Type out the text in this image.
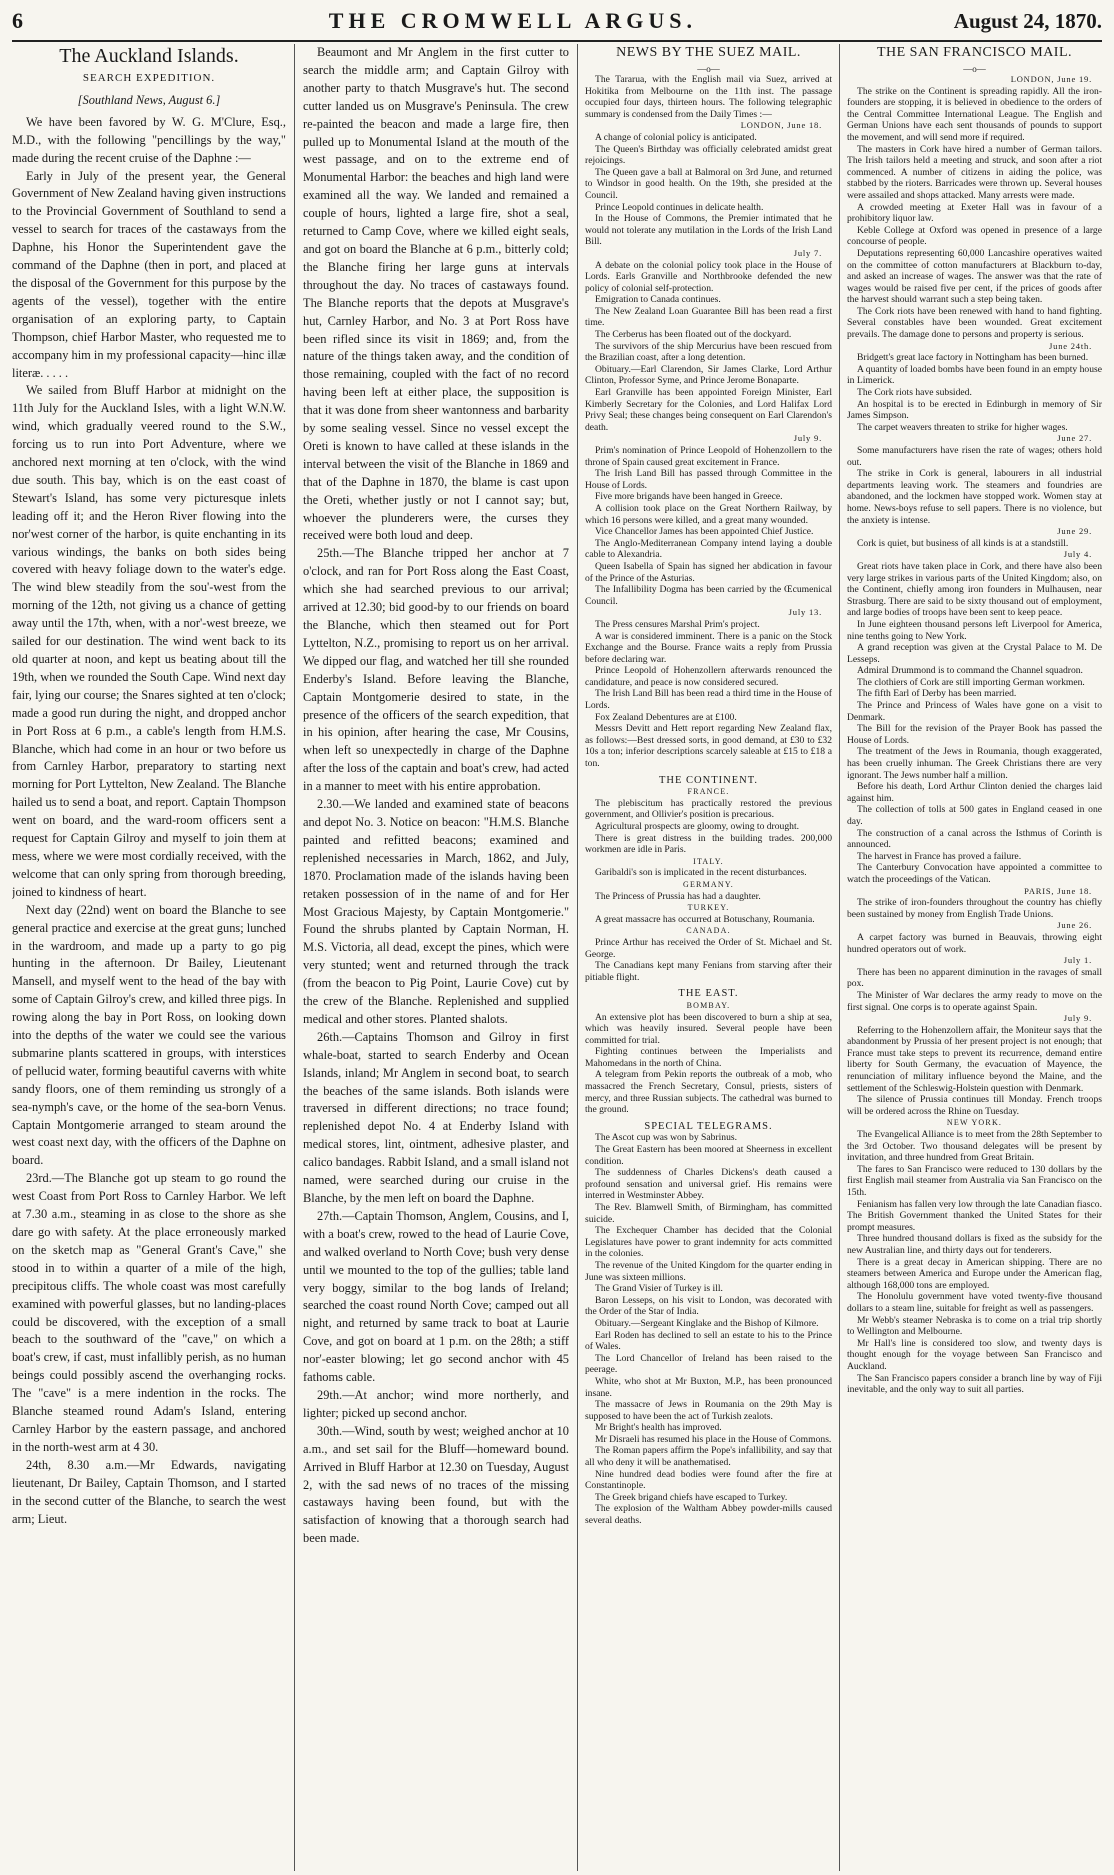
6	THE CROMWELL ARGUS.	August 24, 1870.
The Auckland Islands.
SEARCH EXPEDITION.
[Southland News, August 6.]

We have been favored by W. G. M'Clure, Esq., M.D., with the following "pencillings by the way," made during the recent cruise of the Daphne :—

Early in July of the present year, the General Government of New Zealand having given instructions to the Provincial Government of Southland to send a vessel to search for traces of the castaways from the Daphne, his Honor the Superintendent gave the command of the Daphne (then in port, and placed at the disposal of the Government for this purpose by the agents of the vessel), together with the entire organisation of an exploring party, to Captain Thompson, chief Harbor Master, who requested me to accompany him in my professional capacity—hinc illæ literæ. . . . .

We sailed from Bluff Harbor at midnight on the 11th July for the Auckland Isles, with a light W.N.W. wind, which gradually veered round to the S.W., forcing us to run into Port Adventure, where we anchored next morning at ten o'clock, with the wind due south. This bay, which is on the east coast of Stewart's Island, has some very picturesque inlets leading off it; and the Heron River flowing into the nor'west corner of the harbor, is quite enchanting in its various windings, the banks on both sides being covered with heavy foliage down to the water's edge. The wind blew steadily from the sou'-west from the morning of the 12th, not giving us a chance of getting away until the 17th, when, with a nor'-west breeze, we sailed for our destination. The wind went back to its old quarter at noon, and kept us beating about till the 19th, when we rounded the South Cape. Wind next day fair, lying our course; the Snares sighted at ten o'clock; made a good run during the night, and dropped anchor in Port Ross at 6 p.m., a cable's length from H.M.S. Blanche, which had come in an hour or two before us from Carnley Harbor, preparatory to starting next morning for Port Lyttelton, New Zealand. The Blanche hailed us to send a boat, and report. Captain Thompson went on board, and the ward-room officers sent a request for Captain Gilroy and myself to join them at mess, where we were most cordially received, with the welcome that can only spring from thorough breeding, joined to kindness of heart.

Next day (22nd) went on board the Blanche to see general practice and exercise at the great guns; lunched in the wardroom, and made up a party to go pig hunting in the afternoon. Dr Bailey, Lieutenant Mansell, and myself went to the head of the bay with some of Captain Gilroy's crew, and killed three pigs. In rowing along the bay in Port Ross, on looking down into the depths of the water we could see the various submarine plants scattered in groups, with interstices of pellucid water, forming beautiful caverns with white sandy floors, one of them reminding us strongly of a sea-nymph's cave, or the home of the sea-born Venus. Captain Montgomerie arranged to steam around the west coast next day, with the officers of the Daphne on board.

23rd.—The Blanche got up steam to go round the west Coast from Port Ross to Carnley Harbor. We left at 7.30 a.m., steaming in as close to the shore as she dare go with safety. At the place erroneously marked on the sketch map as "General Grant's Cave," she stood in to within a quarter of a mile of the high, precipitous cliffs. The whole coast was most carefully examined with powerful glasses, but no landing-places could be discovered, with the exception of a small beach to the southward of the "cave," on which a boat's crew, if cast, must infallibly perish, as no human beings could possibly ascend the overhanging rocks. The "cave" is a mere indention in the rocks. The Blanche steamed round Adam's Island, entering Carnley Harbor by the eastern passage, and anchored in the north-west arm at 4 30.

24th, 8.30 a.m.—Mr Edwards, navigating lieutenant, Dr Bailey, Captain Thomson, and I started in the second cutter of the Blanche, to search the west arm; Lieut.

Beaumont and Mr Anglem in the first cutter to search the middle arm; and Captain Gilroy with another party to thatch Musgrave's hut. The second cutter landed us on Musgrave's Peninsula. The crew re-painted the beacon and made a large fire, then pulled up to Monumental Island at the mouth of the west passage, and on to the extreme end of Monumental Harbor: the beaches and high land were examined all the way. We landed and remained a couple of hours, lighted a large fire, shot a seal, returned to Camp Cove, where we killed eight seals, and got on board the Blanche at 6 p.m., bitterly cold; the Blanche firing her large guns at intervals throughout the day. No traces of castaways found. The Blanche reports that the depots at Musgrave's hut, Carnley Harbor, and No. 3 at Port Ross have been rifled since its visit in 1869; and, from the nature of the things taken away, and the condition of those remaining, coupled with the fact of no record having been left at either place, the supposition is that it was done from sheer wantonness and barbarity by some sealing vessel. Since no vessel except the Oreti is known to have called at these islands in the interval between the visit of the Blanche in 1869 and that of the Daphne in 1870, the blame is cast upon the Oreti, whether justly or not I cannot say; but, whoever the plunderers were, the curses they received were both loud and deep.

25th.—The Blanche tripped her anchor at 7 o'clock, and ran for Port Ross along the East Coast, which she had searched previous to our arrival; arrived at 12.30; bid good-by to our friends on board the Blanche, which then steamed out for Port Lyttelton, N.Z., promising to report us on her arrival. We dipped our flag, and watched her till she rounded Enderby's Island. Before leaving the Blanche, Captain Montgomerie desired to state, in the presence of the officers of the search expedition, that in his opinion, after hearing the case, Mr Cousins, when left so unexpectedly in charge of the Daphne after the loss of the captain and boat's crew, had acted in a manner to meet with his entire approbation.

2.30.—We landed and examined state of beacons and depot No. 3. Notice on beacon: "H.M.S. Blanche painted and refitted beacons; examined and replenished necessaries in March, 1862, and July, 1870. Proclamation made of the islands having been retaken possession of in the name of and for Her Most Gracious Majesty, by Captain Montgomerie." Found the shrubs planted by Captain Norman, H. M.S. Victoria, all dead, except the pines, which were very stunted; went and returned through the track (from the beacon to Pig Point, Laurie Cove) cut by the crew of the Blanche. Replenished and supplied medical and other stores. Planted shalots.

26th.—Captains Thomson and Gilroy in first whale-boat, started to search Enderby and Ocean Islands, inland; Mr Anglem in second boat, to search the beaches of the same islands. Both islands were traversed in different directions; no trace found; replenished depot No. 4 at Enderby Island with medical stores, lint, ointment, adhesive plaster, and calico bandages. Rabbit Island, and a small island not named, were searched during our cruise in the Blanche, by the men left on board the Daphne.

27th.—Captain Thomson, Anglem, Cousins, and I, with a boat's crew, rowed to the head of Laurie Cove, and walked overland to North Cove; bush very dense until we mounted to the top of the gullies; table land very boggy, similar to the bog lands of Ireland; searched the coast round North Cove; camped out all night, and returned by same track to boat at Laurie Cove, and got on board at 1 p.m. on the 28th; a stiff nor'-easter blowing; let go second anchor with 45 fathoms cable.

29th.—At anchor; wind more northerly, and lighter; picked up second anchor.

30th.—Wind, south by west; weighed anchor at 10 a.m., and set sail for the Bluff—homeward bound. Arrived in Bluff Harbor at 12.30 on Tuesday, August 2, with the sad news of no traces of the missing castaways having been found, but with the satisfaction of knowing that a thorough search had been made.

NEWS BY THE SUEZ MAIL.
—o—

The Tararua, with the English mail via Suez, arrived at Hokitika from Melbourne on the 11th inst. The passage occupied four days, thirteen hours. The following telegraphic summary is condensed from the Daily Times :—

LONDON, June 18.

A change of colonial policy is anticipated.

The Queen's Birthday was officially celebrated amidst great rejoicings.

The Queen gave a ball at Balmoral on 3rd June, and returned to Windsor in good health. On the 19th, she presided at the Council.

Prince Leopold continues in delicate health.

In the House of Commons, the Premier intimated that he would not tolerate any mutilation in the Lords of the Irish Land Bill.

July 7.

A debate on the colonial policy took place in the House of Lords. Earls Granville and Northbrooke defended the new policy of colonial self-protection.

Emigration to Canada continues.

The New Zealand Loan Guarantee Bill has been read a first time.

The Cerberus has been floated out of the dockyard.

The survivors of the ship Mercurius have been rescued from the Brazilian coast, after a long detention.

Obituary.—Earl Clarendon, Sir James Clarke, Lord Arthur Clinton, Professor Syme, and Prince Jerome Bonaparte.

Earl Granville has been appointed Foreign Minister, Earl Kimberly Secretary for the Colonies, and Lord Halifax Lord Privy Seal; these changes being consequent on Earl Clarendon's death.

July 9.

Prim's nomination of Prince Leopold of Hohenzollern to the throne of Spain caused great excitement in France.

The Irish Land Bill has passed through Committee in the House of Lords.

Five more brigands have been hanged in Greece.

A collision took place on the Great Northern Railway, by which 16 persons were killed, and a great many wounded.

Vice Chancellor James has been appointed Chief Justice.

The Anglo-Mediterranean Company intend laying a double cable to Alexandria.

Queen Isabella of Spain has signed her abdication in favour of the Prince of the Asturias.

The Infallibility Dogma has been carried by the Œcumenical Council.

July 13.

The Press censures Marshal Prim's project.

A war is considered imminent. There is a panic on the Stock Exchange and the Bourse. France waits a reply from Prussia before declaring war.

Prince Leopold of Hohenzollern afterwards renounced the candidature, and peace is now considered secured.

The Irish Land Bill has been read a third time in the House of Lords.

Fox Zealand Debentures are at £100.

Messrs Devitt and Hett report regarding New Zealand flax, as follows:—Best dressed sorts, in good demand, at £30 to £32 10s a ton; inferior descriptions scarcely saleable at £15 to £18 a ton.

THE CONTINENT.
FRANCE.

The plebiscitum has practically restored the previous government, and Ollivier's position is precarious.

Agricultural prospects are gloomy, owing to drought.

There is great distress in the building trades. 200,000 workmen are idle in Paris.

ITALY.

Garibaldi's son is implicated in the recent disturbances.

GERMANY.

The Princess of Prussia has had a daughter.

TURKEY.

A great massacre has occurred at Botuschany, Roumania.

CANADA.

Prince Arthur has received the Order of St. Michael and St. George.

The Canadians kept many Fenians from starving after their pitiable flight.

THE EAST.
BOMBAY.

An extensive plot has been discovered to burn a ship at sea, which was heavily insured. Several people have been committed for trial.

Fighting continues between the Imperialists and Mahomedans in the north of China.

A telegram from Pekin reports the outbreak of a mob, who massacred the French Secretary, Consul, priests, sisters of mercy, and three Russian subjects. The cathedral was burned to the ground.

SPECIAL TELEGRAMS.

The Ascot cup was won by Sabrinus.

The Great Eastern has been moored at Sheerness in excellent condition.

The suddenness of Charles Dickens's death caused a profound sensation and universal grief. His remains were interred in Westminster Abbey.

The Rev. Blamwell Smith, of Birmingham, has committed suicide.

The Exchequer Chamber has decided that the Colonial Legislatures have power to grant indemnity for acts committed in the colonies.

The revenue of the United Kingdom for the quarter ending in June was sixteen millions.

The Grand Visier of Turkey is ill.

Baron Lesseps, on his visit to London, was decorated with the Order of the Star of India.

Obituary.—Sergeant Kinglake and the Bishop of Kilmore.

Earl Roden has declined to sell an estate to his to the Prince of Wales.

The Lord Chancellor of Ireland has been raised to the peerage.

White, who shot at Mr Buxton, M.P., has been pronounced insane.

The massacre of Jews in Roumania on the 29th May is supposed to have been the act of Turkish zealots.

Mr Bright's health has improved.

Mr Disraeli has resumed his place in the House of Commons.

The Roman papers affirm the Pope's infallibility, and say that all who deny it will be anathematised.

Nine hundred dead bodies were found after the fire at Constantinople.

The Greek brigand chiefs have escaped to Turkey.

The explosion of the Waltham Abbey powder-mills caused several deaths.

THE SAN FRANCISCO MAIL.
—o—
LONDON, June 19.

The strike on the Continent is spreading rapidly. All the iron-founders are stopping, it is believed in obedience to the orders of the Central Committee International League. The English and German Unions have each sent thousands of pounds to support the movement, and will send more if required.

The masters in Cork have hired a number of German tailors. The Irish tailors held a meeting and struck, and soon after a riot commenced. A number of citizens in aiding the police, was stabbed by the rioters. Barricades were thrown up. Several houses were assailed and shops attacked. Many arrests were made.

A crowded meeting at Exeter Hall was in favour of a prohibitory liquor law.

Keble College at Oxford was opened in presence of a large concourse of people.

Deputations representing 60,000 Lancashire operatives waited on the committee of cotton manufacturers at Blackburn to-day, and asked an increase of wages. The answer was that the rate of wages would be raised five per cent, if the prices of goods after the harvest should warrant such a step being taken.

The Cork riots have been renewed with hand to hand fighting. Several constables have been wounded. Great excitement prevails. The damage done to persons and property is serious.

June 24th.

Bridgett's great lace factory in Nottingham has been burned.

A quantity of loaded bombs have been found in an empty house in Limerick.

The Cork riots have subsided.

An hospital is to be erected in Edinburgh in memory of Sir James Simpson.

The carpet weavers threaten to strike for higher wages.

June 27.

Some manufacturers have risen the rate of wages; others hold out.

The strike in Cork is general, labourers in all industrial departments leaving work. The steamers and foundries are abandoned, and the lockmen have stopped work. Women stay at home. News-boys refuse to sell papers. There is no violence, but the anxiety is intense.

June 29.

Cork is quiet, but business of all kinds is at a standstill.

July 4.

Great riots have taken place in Cork, and there have also been very large strikes in various parts of the United Kingdom; also, on the Continent, chiefly among iron founders in Mulhausen, near Strasburg. There are said to be sixty thousand out of employment, and large bodies of troops have been sent to keep peace.

In June eighteen thousand persons left Liverpool for America, nine tenths going to New York.

A grand reception was given at the Crystal Palace to M. De Lesseps.

Admiral Drummond is to command the Channel squadron.

The clothiers of Cork are still importing German workmen.

The fifth Earl of Derby has been married.

The Prince and Princess of Wales have gone on a visit to Denmark.

The Bill for the revision of the Prayer Book has passed the House of Lords.

The treatment of the Jews in Roumania, though exaggerated, has been cruelly inhuman. The Greek Christians there are very ignorant. The Jews number half a million.

Before his death, Lord Arthur Clinton denied the charges laid against him.

The collection of tolls at 500 gates in England ceased in one day.

The construction of a canal across the Isthmus of Corinth is announced.

The harvest in France has proved a failure.

The Canterbury Convocation have appointed a committee to watch the proceedings of the Vatican.

PARIS, June 18.

The strike of iron-founders throughout the country has chiefly been sustained by money from English Trade Unions.

June 26.

A carpet factory was burned in Beauvais, throwing eight hundred operators out of work.

July 1.

There has been no apparent diminution in the ravages of small pox.

The Minister of War declares the army ready to move on the first signal. One corps is to operate against Spain.

July 9.

Referring to the Hohenzollern affair, the Moniteur says that the abandonment by Prussia of her present project is not enough; that France must take steps to prevent its recurrence, demand entire liberty for South Germany, the evacuation of Mayence, the renunciation of military influence beyond the Maine, and the settlement of the Schleswig-Holstein question with Denmark.

The silence of Prussia continues till Monday. French troops will be ordered across the Rhine on Tuesday.

NEW YORK.

The Evangelical Alliance is to meet from the 28th September to the 3rd October. Two thousand delegates will be present by invitation, and three hundred from Great Britain.

The fares to San Francisco were reduced to 130 dollars by the first English mail steamer from Australia via San Francisco on the 15th.

Fenianism has fallen very low through the late Canadian fiasco. The British Government thanked the United States for their prompt measures.

Three hundred thousand dollars is fixed as the subsidy for the new Australian line, and thirty days out for tenderers.

There is a great decay in American shipping. There are no steamers between America and Europe under the American flag, although 168,000 tons are employed.

The Honolulu government have voted twenty-five thousand dollars to a steam line, suitable for freight as well as passengers.

Mr Webb's steamer Nebraska is to come on a trial trip shortly to Wellington and Melbourne.

Mr Hall's line is considered too slow, and twenty days is thought enough for the voyage between San Francisco and Auckland.

The San Francisco papers consider a branch line by way of Fiji inevitable, and the only way to suit all parties.
